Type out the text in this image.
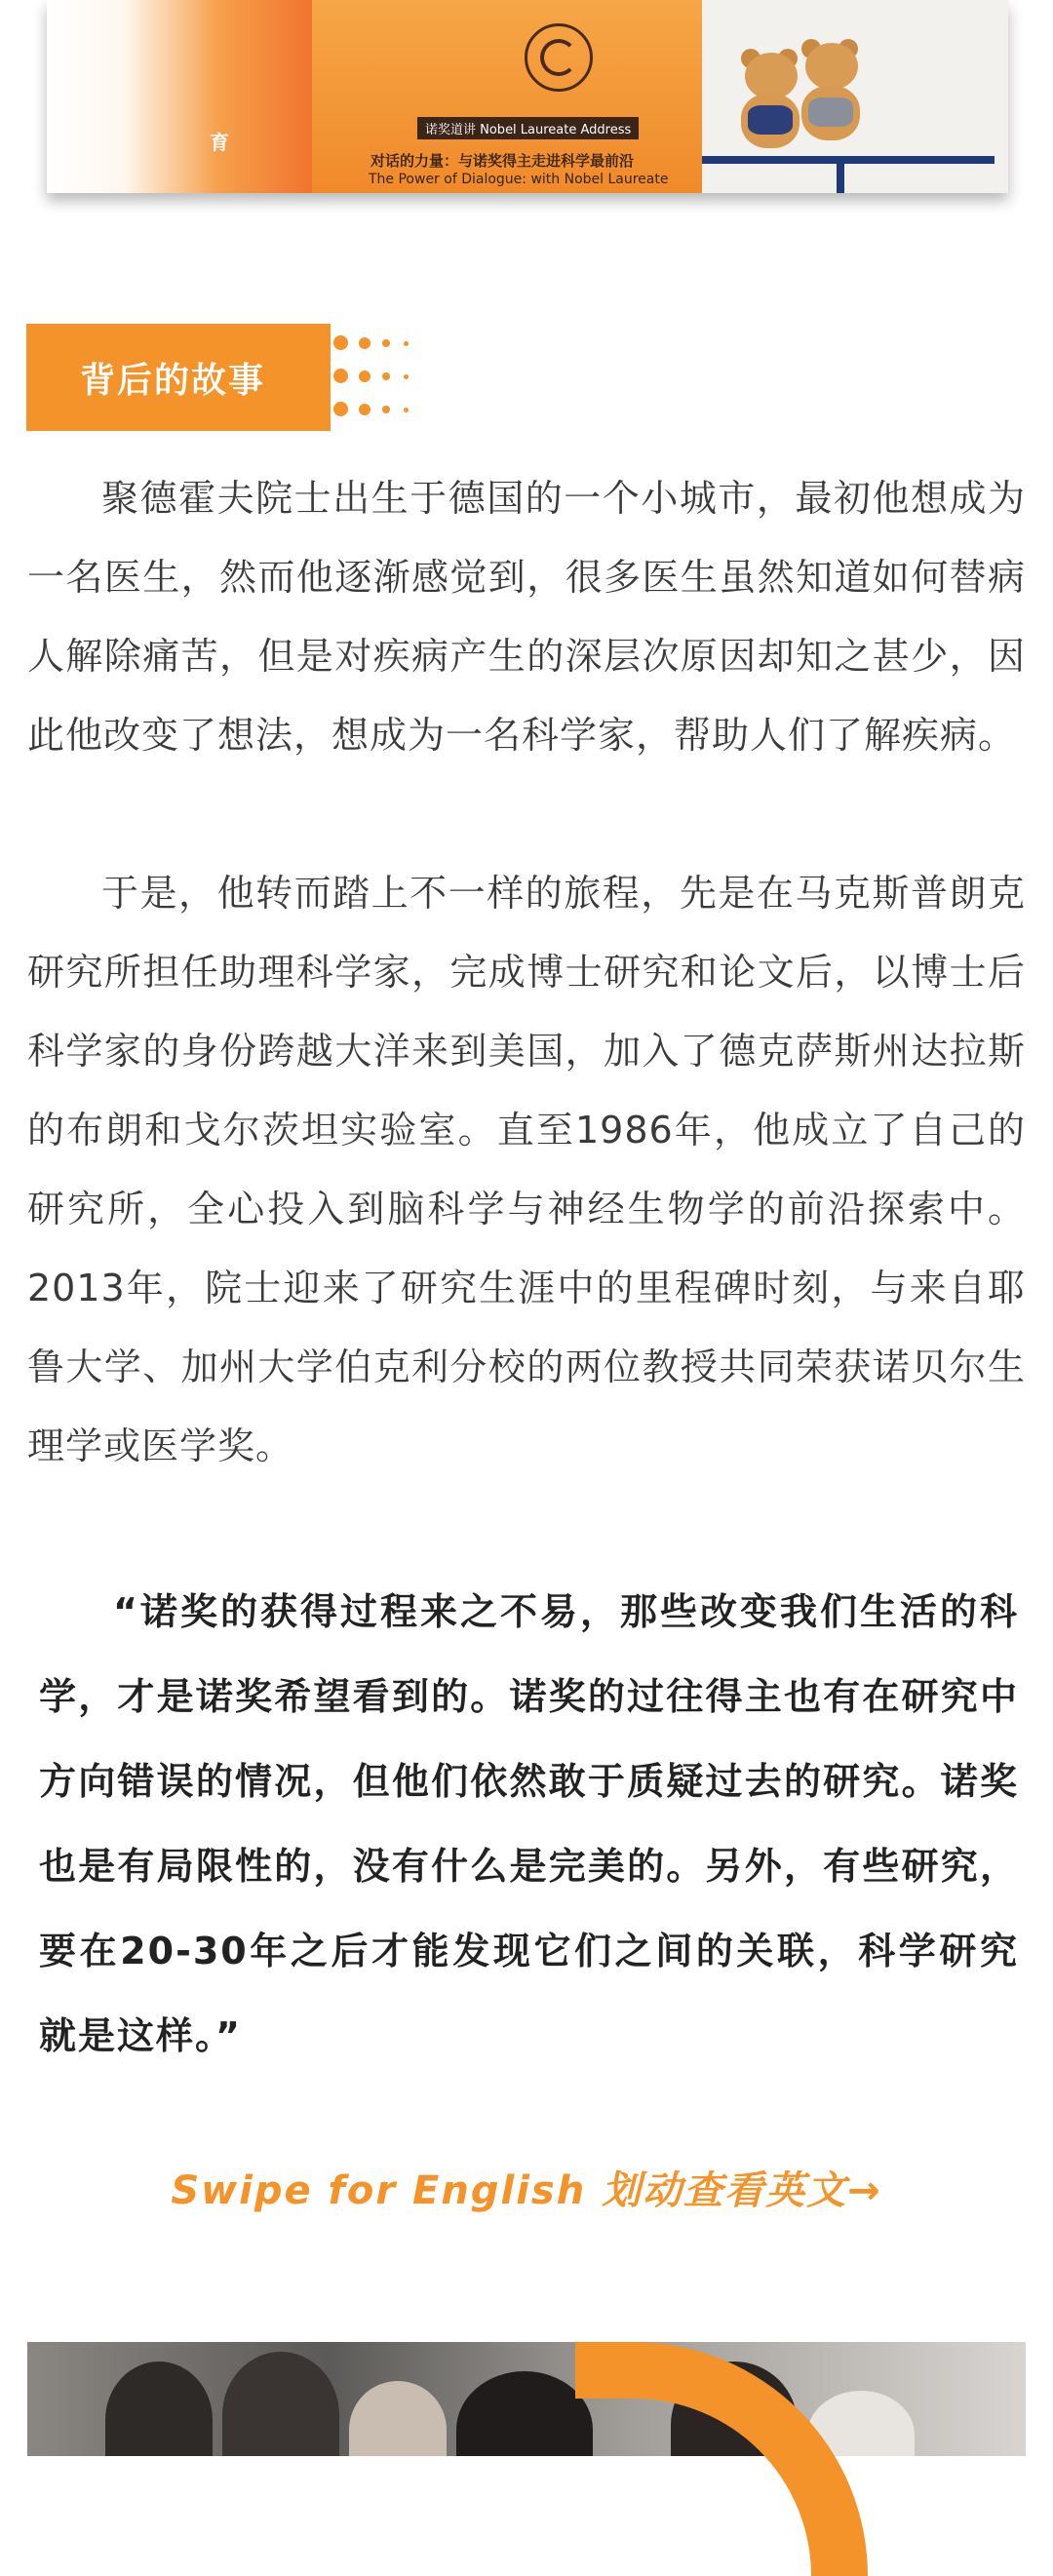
育
诺奖道讲 Nobel Laureate Address
对话的力量：与诺奖得主走进科学最前沿
The Power of Dialogue: with Nobel Laureate
背后的故事

聚德霍夫院士出生于德国的一个小城市，最初他想成为一名医生，然而他逐渐感觉到，很多医生虽然知道如何替病人解除痛苦，但是对疾病产生的深层次原因却知之甚少，因此他改变了想法，想成为一名科学家，帮助人们了解疾病。

于是，他转而踏上不一样的旅程，先是在马克斯普朗克研究所担任助理科学家，完成博士研究和论文后，以博士后科学家的身份跨越大洋来到美国，加入了德克萨斯州达拉斯的布朗和戈尔茨坦实验室。直至1986年，他成立了自己的研究所，全心投入到脑科学与神经生物学的前沿探索中。2013年，院士迎来了研究生涯中的里程碑时刻，与来自耶鲁大学、加州大学伯克利分校的两位教授共同荣获诺贝尔生理学或医学奖。

“诺奖的获得过程来之不易，那些改变我们生活的科学，才是诺奖希望看到的。诺奖的过往得主也有在研究中方向错误的情况，但他们依然敢于质疑过去的研究。诺奖也是有局限性的，没有什么是完美的。另外，有些研究，要在20-30年之后才能发现它们之间的关联，科学研究就是这样。”

Swipe for English 划动查看英文→
